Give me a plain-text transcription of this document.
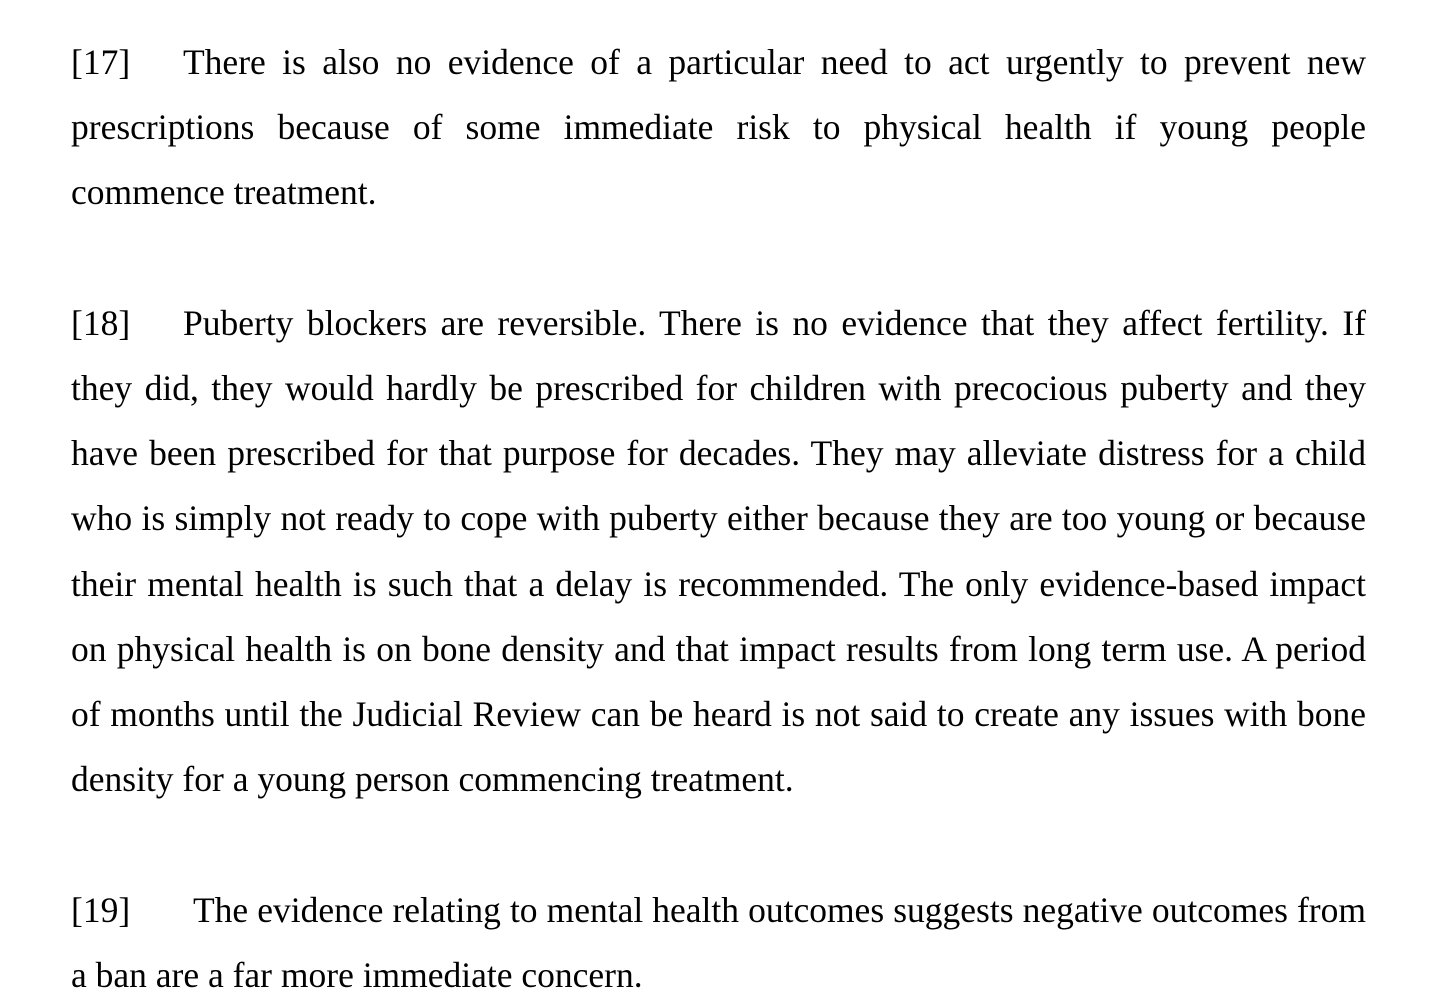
[17] There is also no evidence of a particular need to act urgently to prevent new prescriptions because of some immediate risk to physical health if young people commence treatment.

[18] Puberty blockers are reversible. There is no evidence that they affect fertility. If they did, they would hardly be prescribed for children with precocious puberty and they have been prescribed for that purpose for decades. They may alleviate distress for a child who is simply not ready to cope with puberty either because they are too young or because their mental health is such that a delay is recommended. The only evidence-based impact on physical health is on bone density and that impact results from long term use. A period of months until the Judicial Review can be heard is not said to create any issues with bone density for a young person commencing treatment.

[19] The evidence relating to mental health outcomes suggests negative outcomes from a ban are a far more immediate concern.
